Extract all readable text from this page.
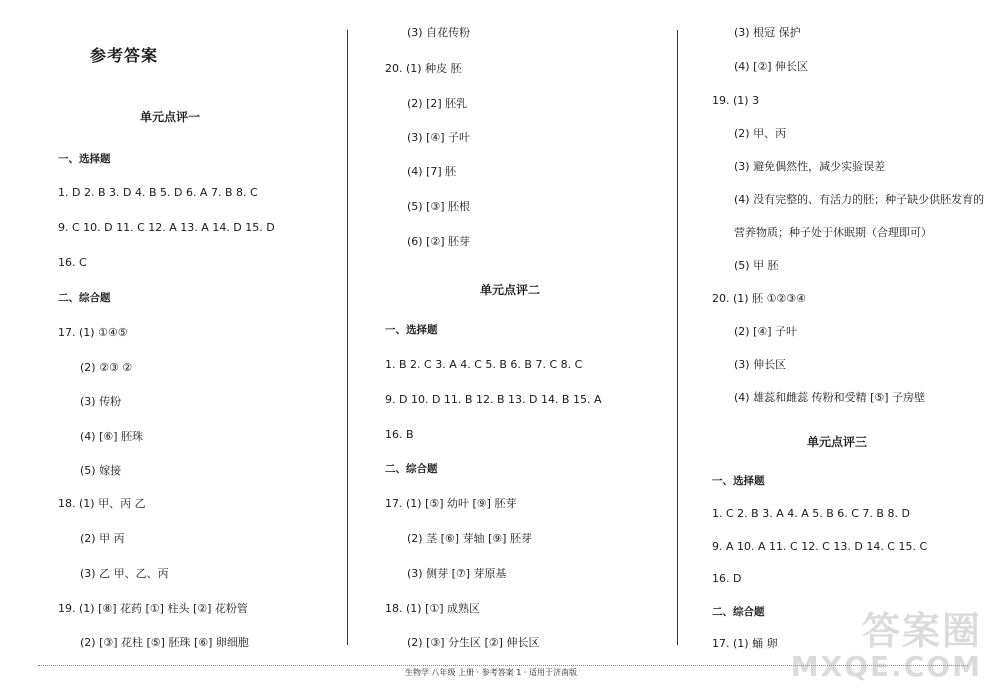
参考答案
单元点评一
一、选择题
1. D 2. B 3. D 4. B 5. D 6. A 7. B 8. C
9. C 10. D 11. C 12. A 13. A 14. D 15. D
16. C
二、综合题
17. (1) ①④⑤
(2) ②③ ②
(3) 传粉
(4) [⑥] 胚珠
(5) 嫁接
18. (1) 甲、丙 乙
(2) 甲 丙
(3) 乙 甲、乙、丙
19. (1) [⑧] 花药 [①] 柱头 [②] 花粉管
(2) [③] 花柱 [⑤] 胚珠 [⑥] 卵细胞
(3) 自花传粉
20. (1) 种皮 胚
(2) [2] 胚乳
(3) [④] 子叶
(4) [7] 胚
(5) [③] 胚根
(6) [②] 胚芽
单元点评二
一、选择题
1. B 2. C 3. A 4. C 5. B 6. B 7. C 8. C
9. D 10. D 11. B 12. B 13. D 14. B 15. A
16. B
二、综合题
17. (1) [⑤] 幼叶 [⑨] 胚芽
(2) 茎 [⑥] 芽轴 [⑨] 胚芽
(3) 侧芽 [⑦] 芽原基
18. (1) [①] 成熟区
(2) [③] 分生区 [②] 伸长区
(3) 根冠 保护
(4) [②] 伸长区
19. (1) 3
(2) 甲、丙
(3) 避免偶然性，减少实验误差
(4) 没有完整的、有活力的胚；种子缺少供胚发育的
营养物质；种子处于休眠期（合理即可）
(5) 甲 胚
20. (1) 胚 ①②③④
(2) [④] 子叶
(3) 伸长区
(4) 雄蕊和雌蕊 传粉和受精 [⑤] 子房壁
单元点评三
一、选择题
1. C 2. B 3. A 4. A 5. B 6. C 7. B 8. D
9. A 10. A 11. C 12. C 13. D 14. C 15. C
16. D
二、综合题
17. (1) 蛹 卵
生物学 八年级 上册 · 参考答案 1 · 适用于济南版
答案圈
MXQE.COM
